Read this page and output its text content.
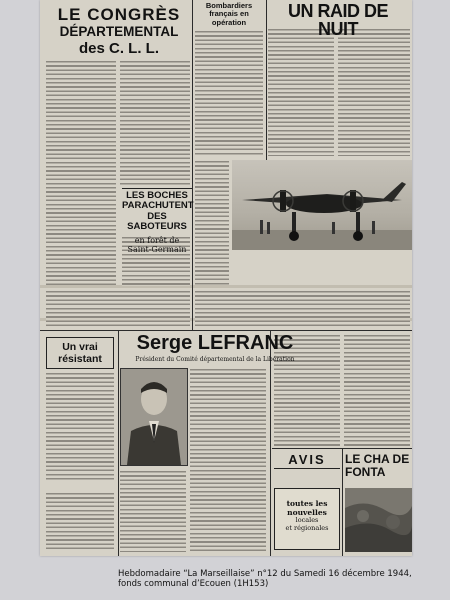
LE CONGRÈS
DÉPARTEMENTAL
des C. L. L.
Bombardiers français en opération
UN RAID DE NUIT
LES BOCHES PARACHUTENT DES SABOTEURS
en forêt de Saint-Germain
Un vrai résistant
Serge LEFRANC
Président du Comité départemental de la Libération
AVIS	LE CHA DE FONTA
toutes les nouvelles
locales
et régionales
Hebdomadaire “La Marseillaise” n°12 du Samedi 16 décembre 1944,
fonds communal d’Ecouen (1H153)
